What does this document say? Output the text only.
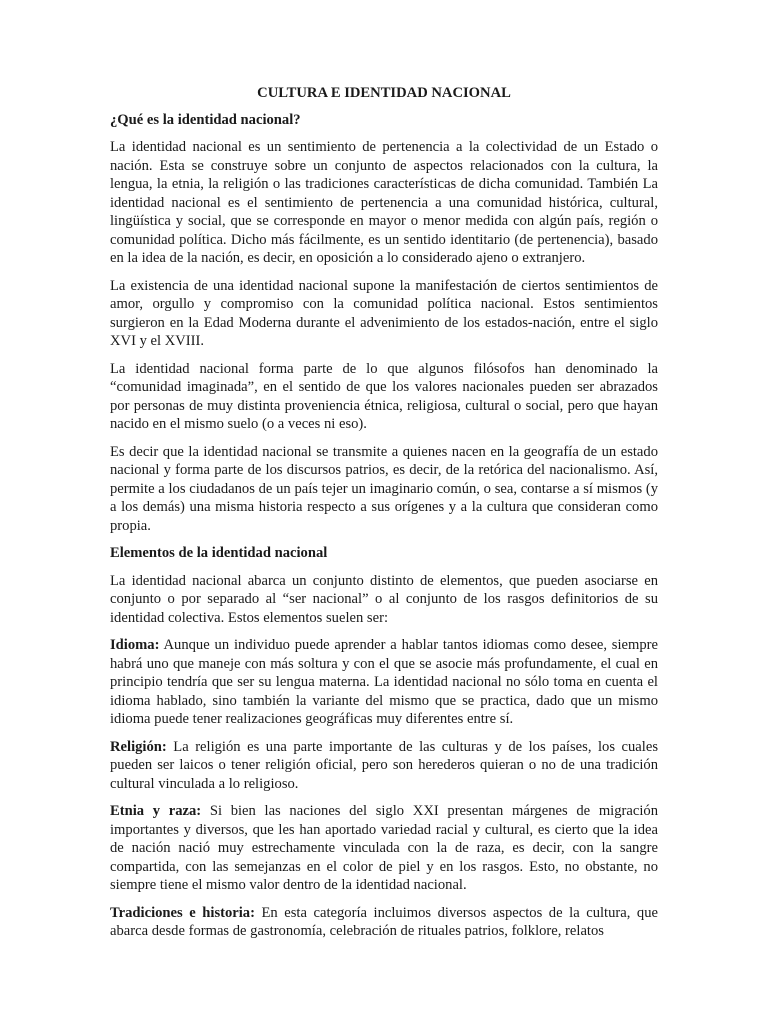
CULTURA E IDENTIDAD NACIONAL
¿Qué es la identidad nacional?

La identidad nacional es un sentimiento de pertenencia a la colectividad de un Estado o nación. Esta se construye sobre un conjunto de aspectos relacionados con la cultura, la lengua, la etnia, la religión o las tradiciones características de dicha comunidad. También La identidad nacional es el sentimiento de pertenencia a una comunidad histórica, cultural, lingüística y social, que se corresponde en mayor o menor medida con algún país, región o comunidad política. Dicho más fácilmente, es un sentido identitario (de pertenencia), basado en la idea de la nación, es decir, en oposición a lo considerado ajeno o extranjero.

La existencia de una identidad nacional supone la manifestación de ciertos sentimientos de amor, orgullo y compromiso con la comunidad política nacional. Estos sentimientos surgieron en la Edad Moderna durante el advenimiento de los estados-nación, entre el siglo XVI y el XVIII.

La identidad nacional forma parte de lo que algunos filósofos han denominado la “comunidad imaginada”, en el sentido de que los valores nacionales pueden ser abrazados por personas de muy distinta proveniencia étnica, religiosa, cultural o social, pero que hayan nacido en el mismo suelo (o a veces ni eso).

Es decir que la identidad nacional se transmite a quienes nacen en la geografía de un estado nacional y forma parte de los discursos patrios, es decir, de la retórica del nacionalismo. Así, permite a los ciudadanos de un país tejer un imaginario común, o sea, contarse a sí mismos (y a los demás) una misma historia respecto a sus orígenes y a la cultura que consideran como propia.

Elementos de la identidad nacional

La identidad nacional abarca un conjunto distinto de elementos, que pueden asociarse en conjunto o por separado al “ser nacional” o al conjunto de los rasgos definitorios de su identidad colectiva. Estos elementos suelen ser:

Idioma: Aunque un individuo puede aprender a hablar tantos idiomas como desee, siempre habrá uno que maneje con más soltura y con el que se asocie más profundamente, el cual en principio tendría que ser su lengua materna. La identidad nacional no sólo toma en cuenta el idioma hablado, sino también la variante del mismo que se practica, dado que un mismo idioma puede tener realizaciones geográficas muy diferentes entre sí.

Religión: La religión es una parte importante de las culturas y de los países, los cuales pueden ser laicos o tener religión oficial, pero son herederos quieran o no de una tradición cultural vinculada a lo religioso.

Etnia y raza: Si bien las naciones del siglo XXI presentan márgenes de migración importantes y diversos, que les han aportado variedad racial y cultural, es cierto que la idea de nación nació muy estrechamente vinculada con la de raza, es decir, con la sangre compartida, con las semejanzas en el color de piel y en los rasgos. Esto, no obstante, no siempre tiene el mismo valor dentro de la identidad nacional.

Tradiciones e historia: En esta categoría incluimos diversos aspectos de la cultura, que abarca desde formas de gastronomía, celebración de rituales patrios, folklore, relatos
